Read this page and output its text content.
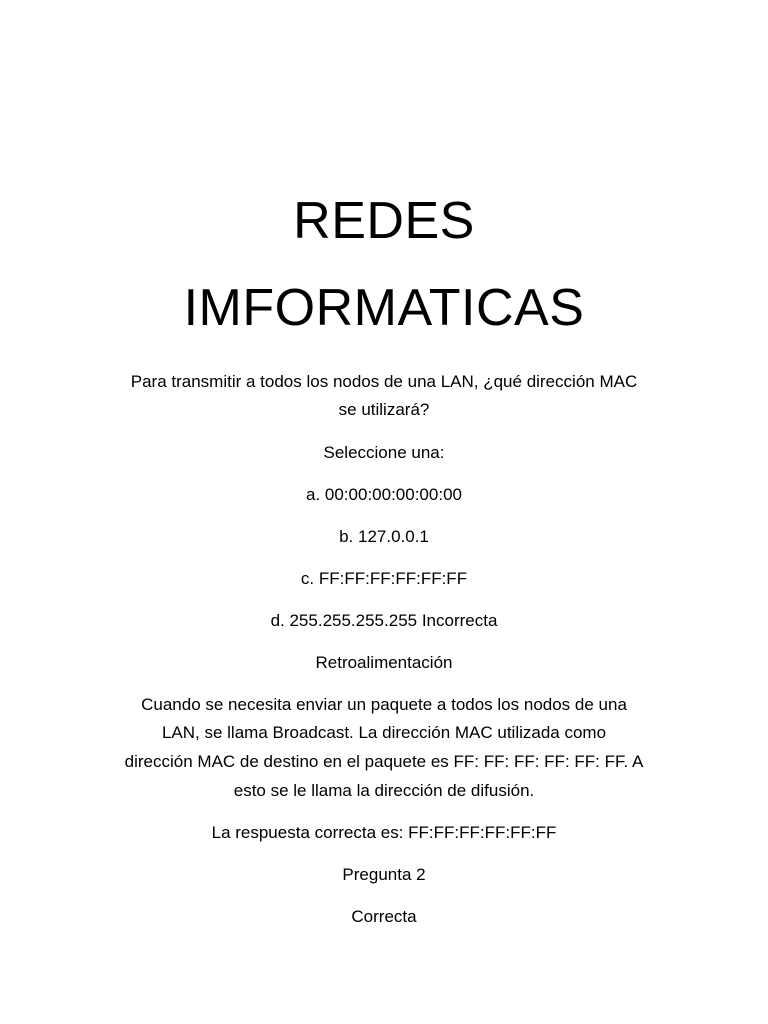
REDES
IMFORMATICAS

Para transmitir a todos los nodos de una LAN, ¿qué dirección MAC

se utilizará?

Seleccione una:

a. 00:00:00:00:00:00

b. 127.0.0.1

c. FF:FF:FF:FF:FF:FF

d. 255.255.255.255 Incorrecta

Retroalimentación

Cuando se necesita enviar un paquete a todos los nodos de una

LAN, se llama Broadcast. La dirección MAC utilizada como

dirección MAC de destino en el paquete es FF: FF: FF: FF: FF: FF. A

esto se le llama la dirección de difusión.

La respuesta correcta es: FF:FF:FF:FF:FF:FF

Pregunta 2

Correcta
